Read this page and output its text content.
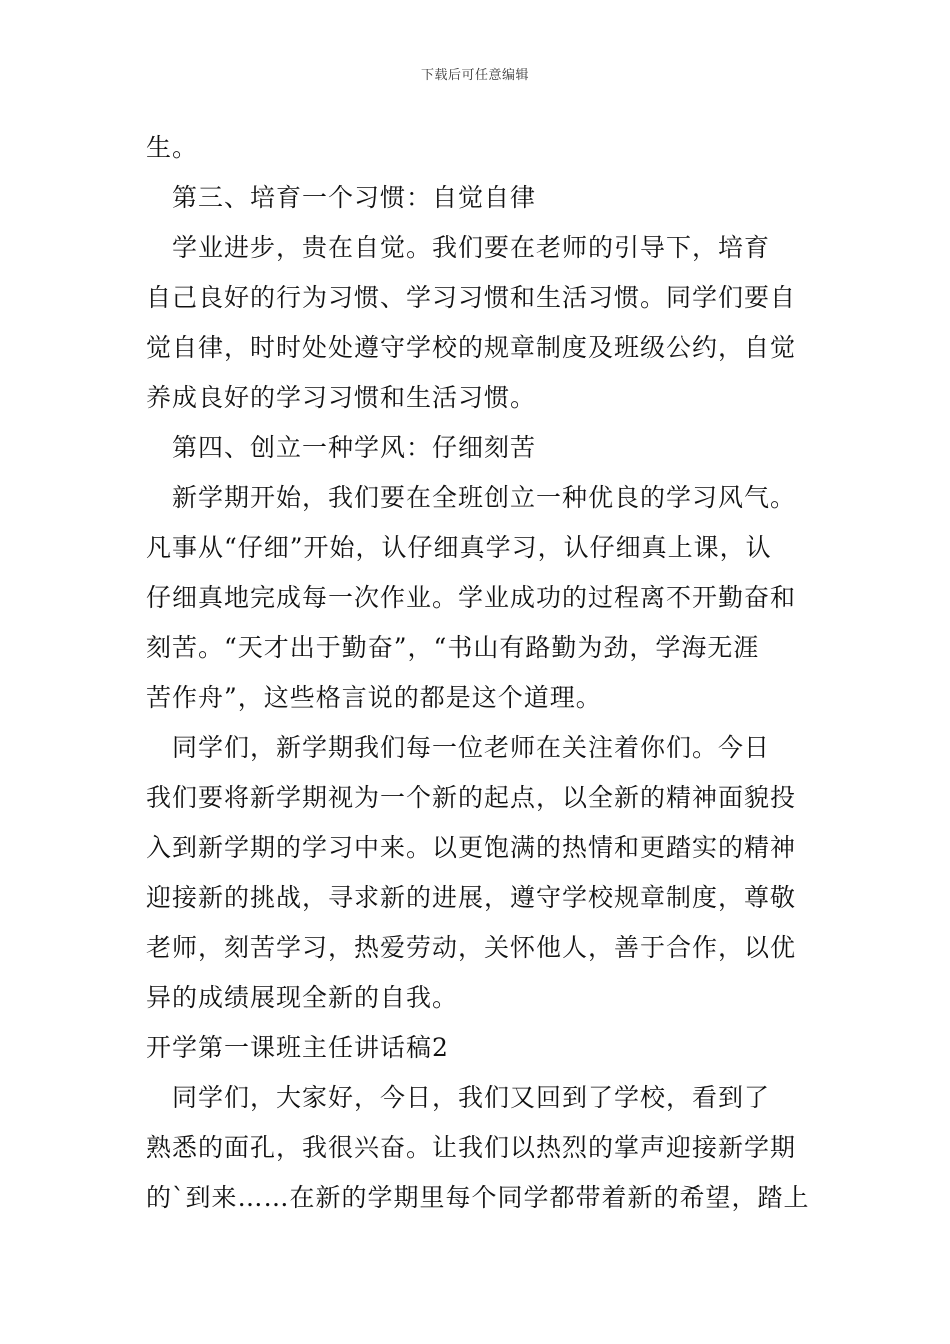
下载后可任意编辑
生。
　第三、培育一个习惯：自觉自律
　学业进步，贵在自觉。我们要在老师的引导下，培育
自己良好的行为习惯、学习习惯和生活习惯。同学们要自
觉自律，时时处处遵守学校的规章制度及班级公约，自觉
养成良好的学习习惯和生活习惯。
　第四、创立一种学风：仔细刻苦
　新学期开始，我们要在全班创立一种优良的学习风气。
凡事从“仔细”开始，认仔细真学习，认仔细真上课，认
仔细真地完成每一次作业。学业成功的过程离不开勤奋和
刻苦。“天才出于勤奋”，“书山有路勤为劲，学海无涯
苦作舟”，这些格言说的都是这个道理。
　同学们，新学期我们每一位老师在关注着你们。今日
我们要将新学期视为一个新的起点，以全新的精神面貌投
入到新学期的学习中来。以更饱满的热情和更踏实的精神
迎接新的挑战，寻求新的进展，遵守学校规章制度，尊敬
老师，刻苦学习，热爱劳动，关怀他人，善于合作，以优
异的成绩展现全新的自我。
开学第一课班主任讲话稿2
　同学们，大家好，今日，我们又回到了学校，看到了
熟悉的面孔，我很兴奋。让我们以热烈的掌声迎接新学期
的`到来……在新的学期里每个同学都带着新的希望，踏上
